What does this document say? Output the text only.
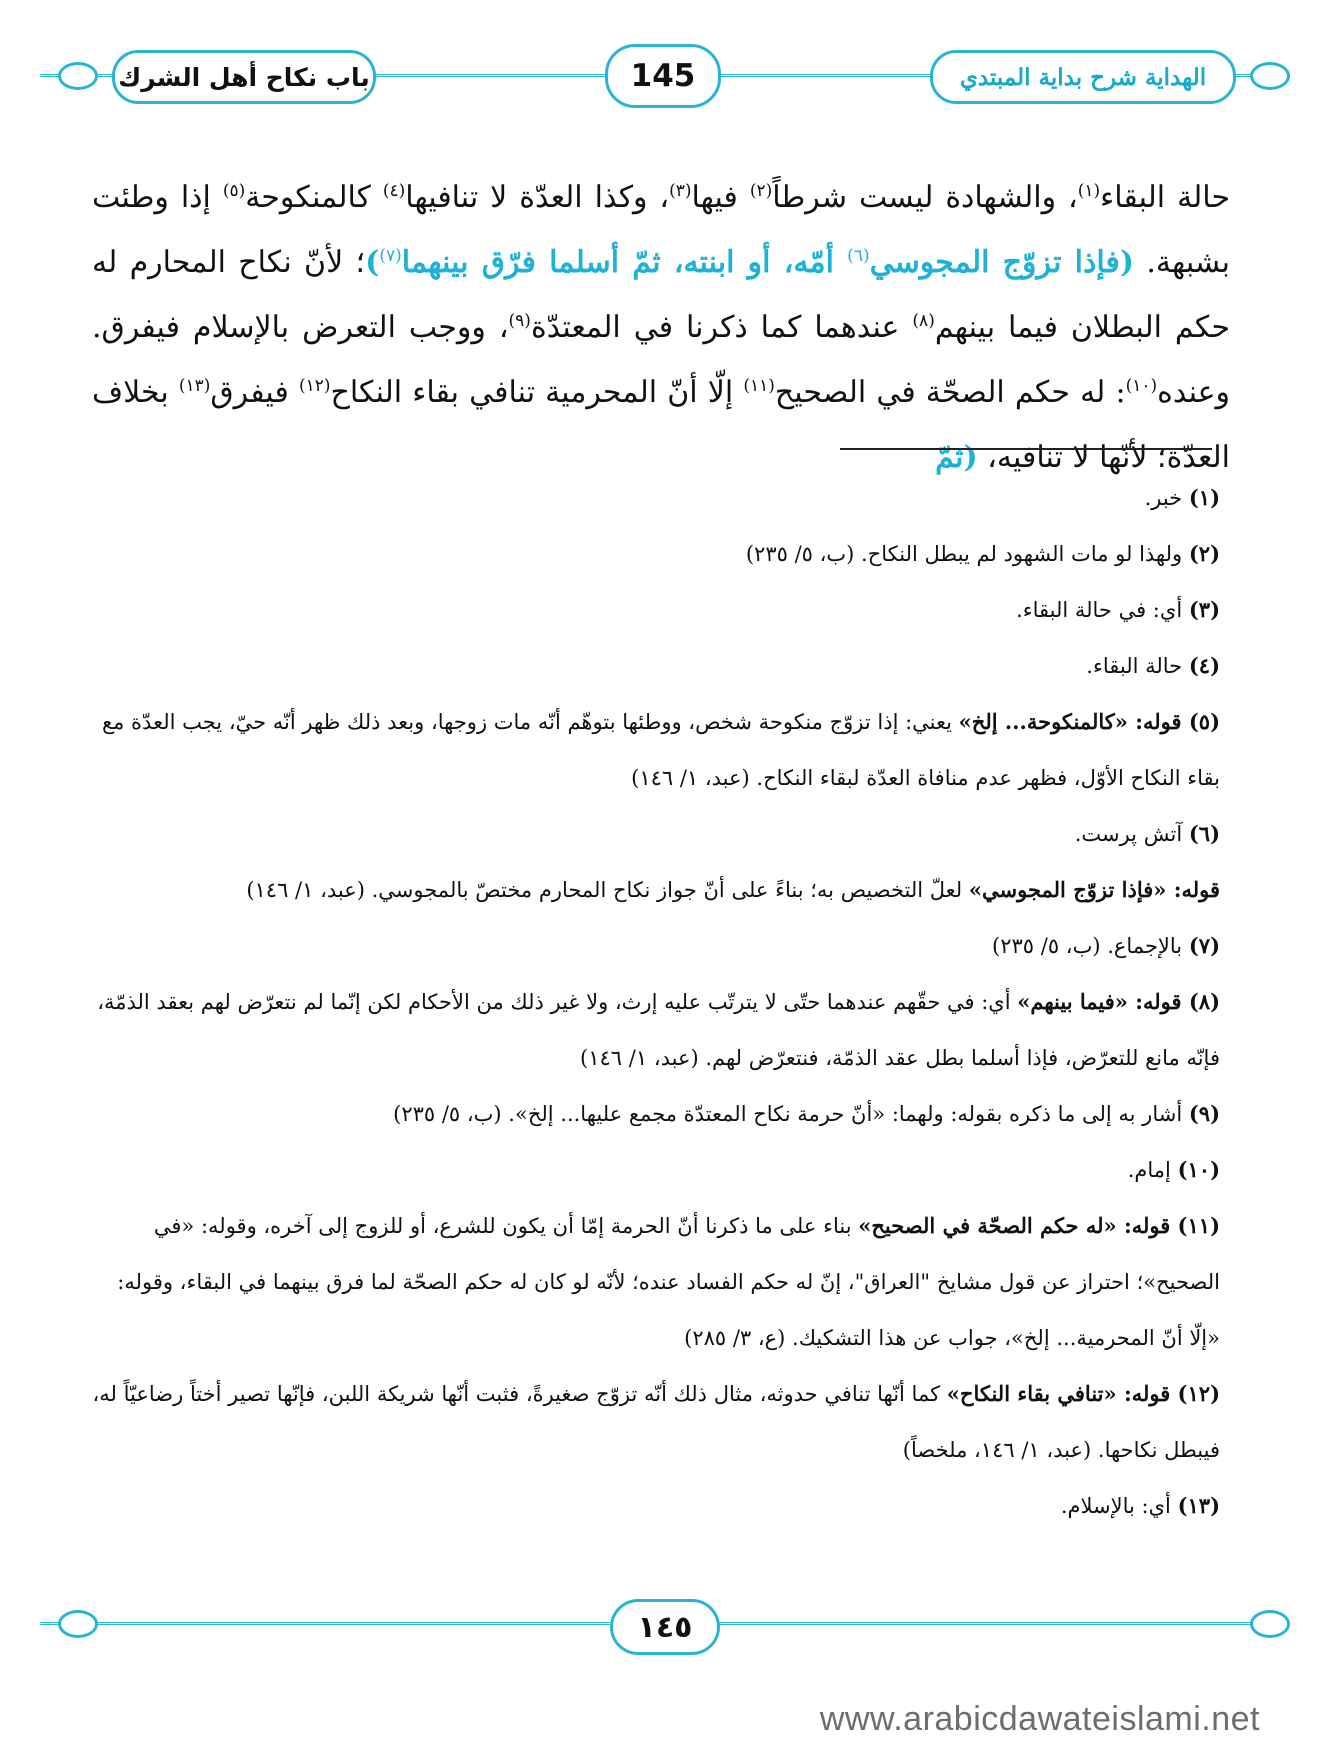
باب نكاح أهل الشرك	145	الهداية شرح بداية المبتدي
حالة البقاء$^{(١)}$، والشهادة ليست شرطاً$^{(٢)}$ فيها$^{(٣)}$، وكذا العدّة لا تنافيها$^{(٤)}$ كالمنكوحة$^{(٥)}$ إذا وطئت بشبهة. (فإذا تزوّج المجوسي$^{(٦)}$ أمّه، أو ابنته، ثمّ أسلما فرّق بينهما$^{(٧)}$)؛ لأنّ نكاح المحارم له حكم البطلان فيما بينهم$^{(٨)}$ عندهما كما ذكرنا في المعتدّة$^{(٩)}$، ووجب التعرض بالإسلام فيفرق. وعنده$^{(١٠)}$: له حكم الصحّة في الصحيح$^{(١١)}$ إلّا أنّ المحرمية تنافي بقاء النكاح$^{(١٢)}$ فيفرق$^{(١٣)}$ بخلاف العدّة؛ لأنّها لا تنافيه، (ثمّ
(١) خبر.
(٢) ولهذا لو مات الشهود لم يبطل النكاح. (ب، ٥/ ٢٣٥)
(٣) أي: في حالة البقاء.
(٤) حالة البقاء.
(٥) قوله: «كالمنكوحة... إلخ» يعني: إذا تزوّج منكوحة شخص، ووطئها بتوهّم أنّه مات زوجها، وبعد ذلك ظهر أنّه حيّ، يجب العدّة مع بقاء النكاح الأوّل، فظهر عدم منافاة العدّة لبقاء النكاح. (عبد، ١/ ١٤٦)
(٦) آتش پرست.
قوله: «فإذا تزوّج المجوسي» لعلّ التخصيص به؛ بناءً على أنّ جواز نكاح المحارم مختصّ بالمجوسي. (عبد، ١/ ١٤٦)
(٧) بالإجماع. (ب، ٥/ ٢٣٥)
(٨) قوله: «فيما بينهم» أي: في حقّهم عندهما حتّى لا يترتّب عليه إرث، ولا غير ذلك من الأحكام لكن إنّما لم نتعرّض لهم بعقد الذمّة، فإنّه مانع للتعرّض، فإذا أسلما بطل عقد الذمّة، فنتعرّض لهم. (عبد، ١/ ١٤٦)
(٩) أشار به إلى ما ذكره بقوله: ولهما: «أنّ حرمة نكاح المعتدّة مجمع عليها... إلخ». (ب، ٥/ ٢٣٥)
(١٠) إمام.
(١١) قوله: «له حكم الصحّة في الصحيح» بناء على ما ذكرنا أنّ الحرمة إمّا أن يكون للشرع، أو للزوج إلى آخره، وقوله: «في الصحيح»؛ احتراز عن قول مشايخ "العراق"، إنّ له حكم الفساد عنده؛ لأنّه لو كان له حكم الصحّة لما فرق بينهما في البقاء، وقوله: «إلّا أنّ المحرمية... إلخ»، جواب عن هذا التشكيك. (ع، ٣/ ٢٨٥)
(١٢) قوله: «تنافي بقاء النكاح» كما أنّها تنافي حدوثه، مثال ذلك أنّه تزوّج صغيرةً، فثبت أنّها شريكة اللبن، فإنّها تصير أختاً رضاعيّاً له، فيبطل نكاحها. (عبد، ١/ ١٤٦، ملخصاً)
(١٣) أي: بالإسلام.
١٤٥
www.arabicdawateislami.net
